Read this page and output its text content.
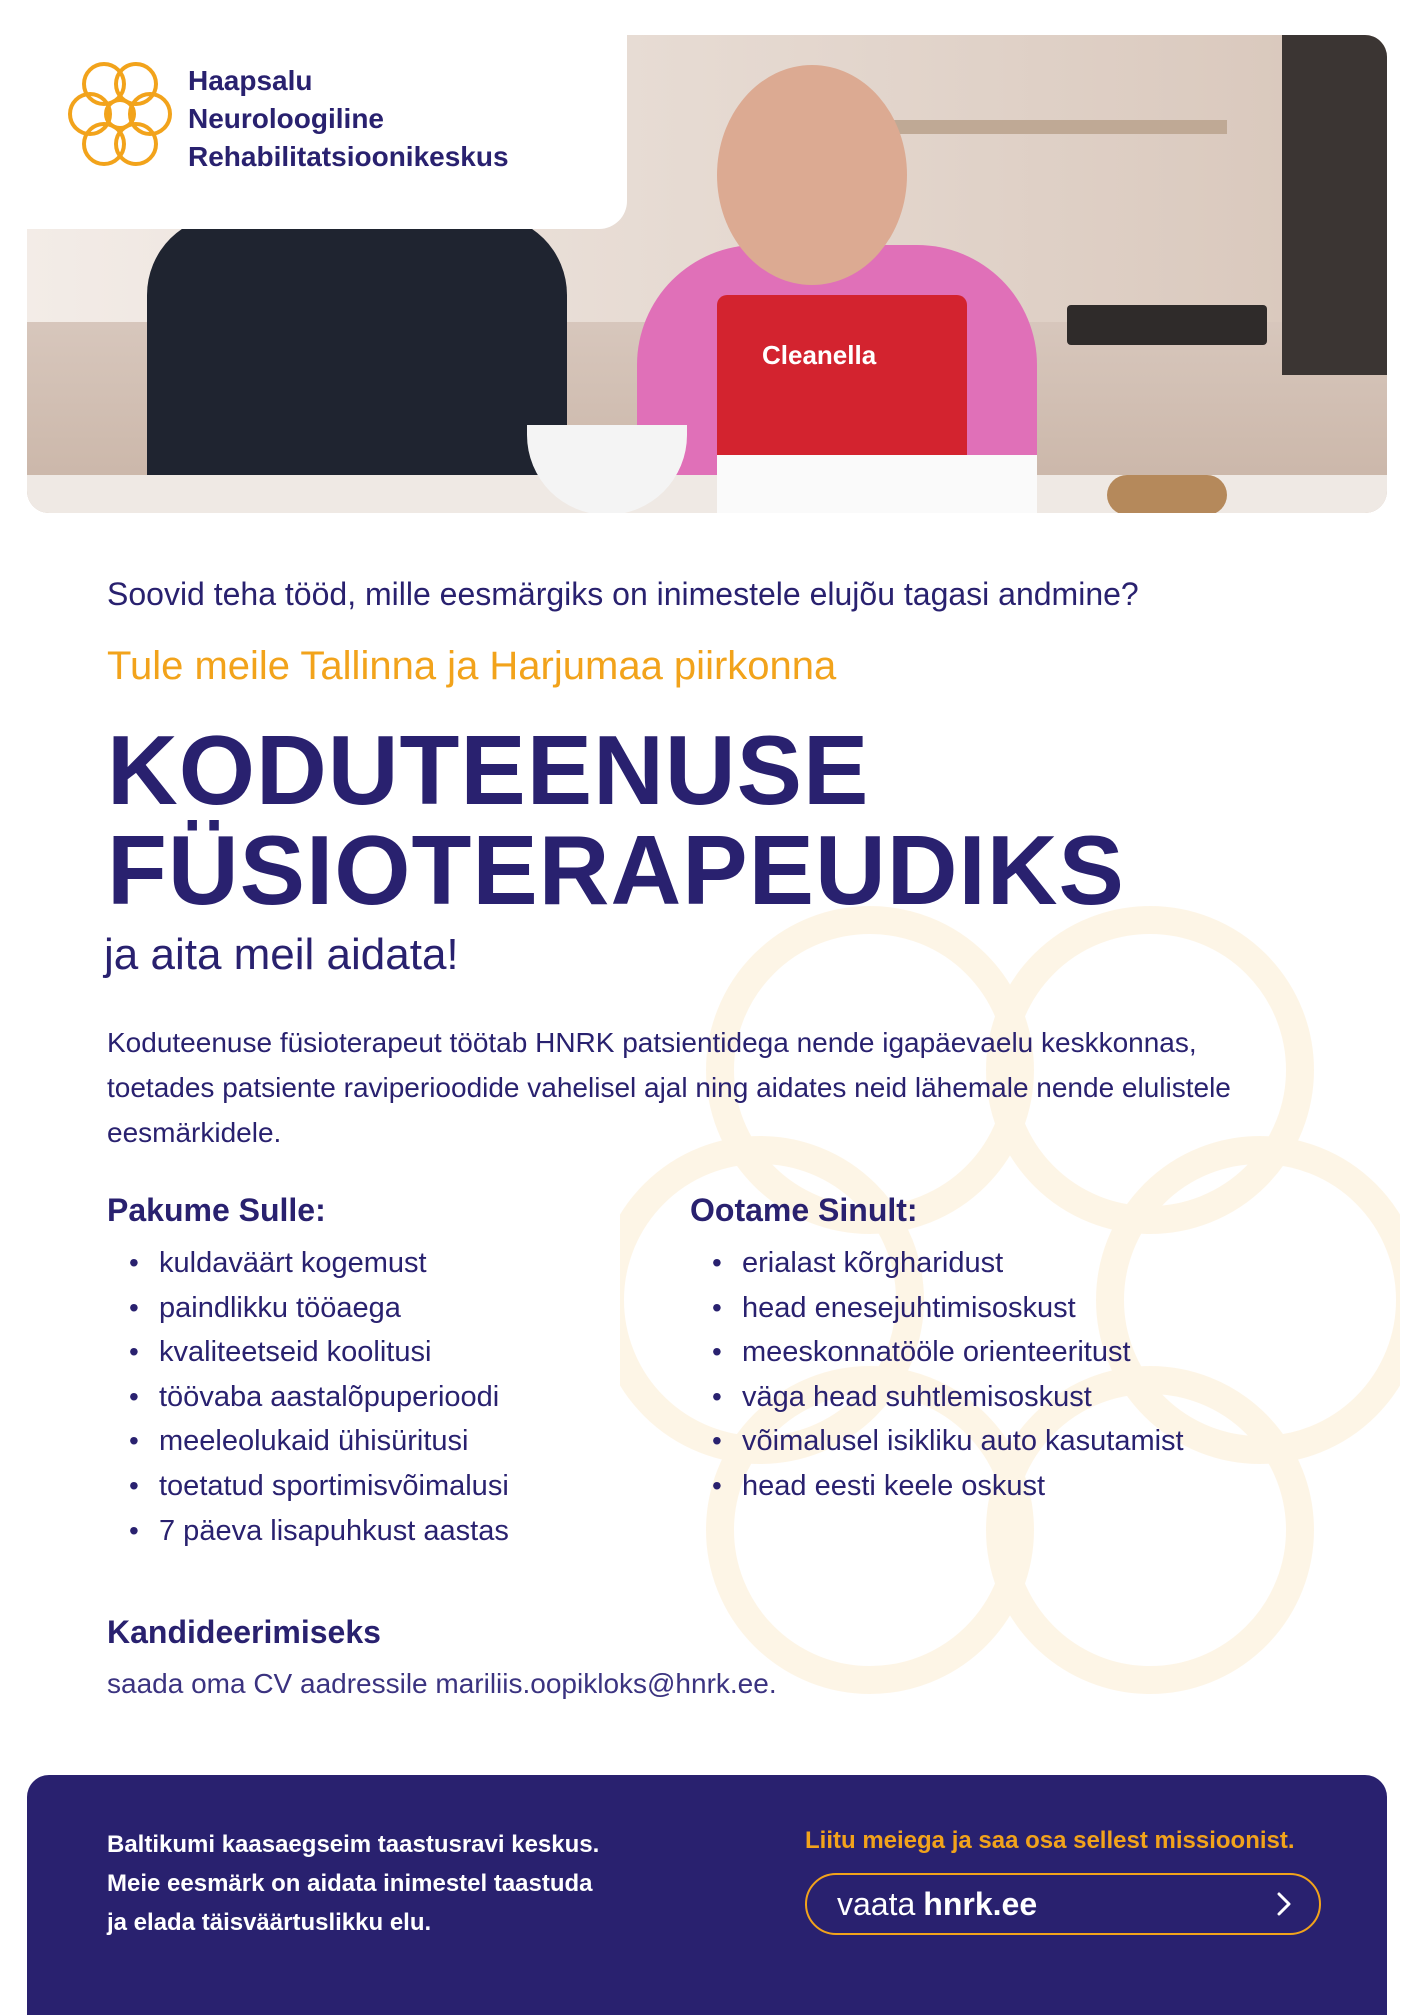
Cleanella
Haapsalu
Neuroloogiline
Rehabilitatsioonikeskus
Soovid teha tööd, mille eesmärgiks on inimestele elujõu tagasi andmine?
Tule meile Tallinna ja Harjumaa piirkonna
KODUTEENUSE
FÜSIOTERAPEUDIKS
ja aita meil aidata!
Koduteenuse füsioterapeut töötab HNRK patsientidega nende igapäevaelu keskkonnas, toetades patsiente raviperioodide vahelisel ajal ning aidates neid lähemale nende elulistele eesmärkidele.
Pakume Sulle:
• kuldaväärt kogemust
• paindlikku tööaega
• kvaliteetseid koolitusi
• töövaba aastalõpuperioodi
• meeleolukaid ühisüritusi
• toetatud sportimisvõimalusi
• 7 päeva lisapuhkust aastas
Ootame Sinult:
• erialast kõrgharidust
• head enesejuhtimisoskust
• meeskonnatööle orienteeritust
• väga head suhtlemisoskust
• võimalusel isikliku auto kasutamist
• head eesti keele oskust
Kandideerimiseks
saada oma CV aadressile mariliis.oopikloks@hnrk.ee.
Baltikumi kaasaegseim taastusravi keskus.
Meie eesmärk on aidata inimestel taastuda
ja elada täisväärtuslikku elu.
Liitu meiega ja saa osa sellest missioonist.
vaata hnrk.ee
